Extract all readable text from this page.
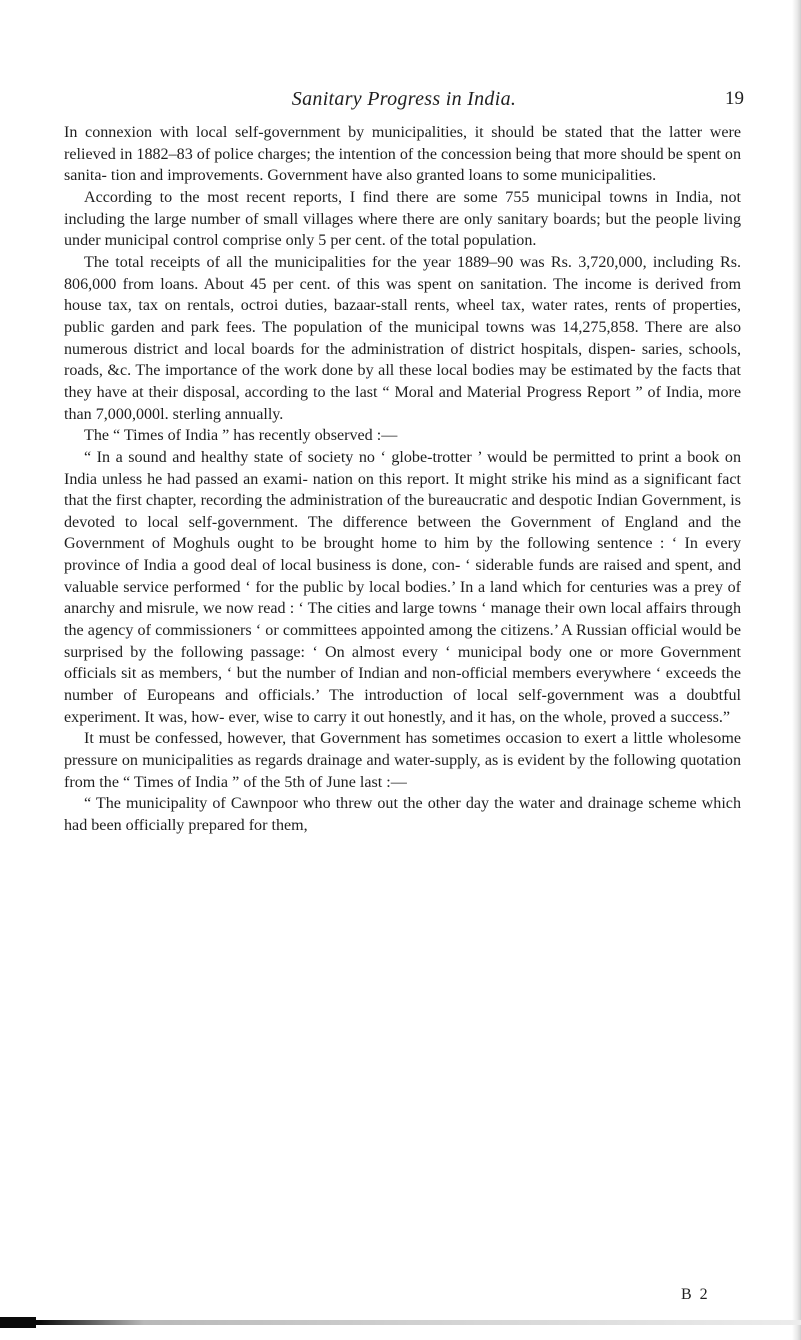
Sanitary Progress in India.	19

In connexion with local self-government by municipalities, it should be stated that the latter were relieved in 1882–83 of police charges; the intention of the concession being that more should be spent on sanita- tion and improvements. Government have also granted loans to some municipalities.

According to the most recent reports, I find there are some 755 municipal towns in India, not including the large number of small villages where there are only sanitary boards; but the people living under municipal control comprise only 5 per cent. of the total population.

The total receipts of all the municipalities for the year 1889–90 was Rs. 3,720,000, including Rs. 806,000 from loans. About 45 per cent. of this was spent on sanitation. The income is derived from house tax, tax on rentals, octroi duties, bazaar-stall rents, wheel tax, water rates, rents of properties, public garden and park fees. The population of the municipal towns was 14,275,858. There are also numerous district and local boards for the administration of district hospitals, dispen- saries, schools, roads, &c. The importance of the work done by all these local bodies may be estimated by the facts that they have at their disposal, according to the last “ Moral and Material Progress Report ” of India, more than 7,000,000l. sterling annually.

The “ Times of India ” has recently observed :—

“ In a sound and healthy state of society no ‘ globe-trotter ’ would be permitted to print a book on India unless he had passed an exami- nation on this report. It might strike his mind as a significant fact that the first chapter, recording the administration of the bureaucratic and despotic Indian Government, is devoted to local self-government. The difference between the Government of England and the Government of Moghuls ought to be brought home to him by the following sentence : ‘ In every province of India a good deal of local business is done, con- ‘ siderable funds are raised and spent, and valuable service performed ‘ for the public by local bodies.’ In a land which for centuries was a prey of anarchy and misrule, we now read : ‘ The cities and large towns ‘ manage their own local affairs through the agency of commissioners ‘ or committees appointed among the citizens.’ A Russian official would be surprised by the following passage: ‘ On almost every ‘ municipal body one or more Government officials sit as members, ‘ but the number of Indian and non-official members everywhere ‘ exceeds the number of Europeans and officials.’ The introduction of local self-government was a doubtful experiment. It was, how- ever, wise to carry it out honestly, and it has, on the whole, proved a success.”

It must be confessed, however, that Government has sometimes occasion to exert a little wholesome pressure on municipalities as regards drainage and water-supply, as is evident by the following quotation from the “ Times of India ” of the 5th of June last :—

“ The municipality of Cawnpoor who threw out the other day the water and drainage scheme which had been officially prepared for them,

B 2
